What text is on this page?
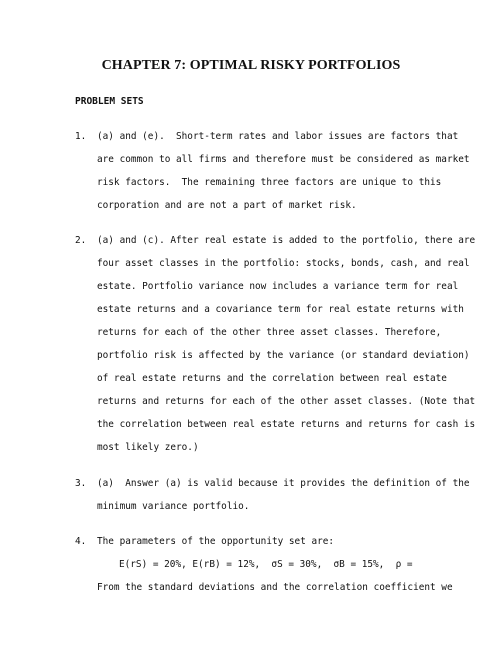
CHAPTER 7: OPTIMAL RISKY PORTFOLIOS
PROBLEM SETS
1. (a) and (e).  Short-term rates and labor issues are factors that
are common to all firms and therefore must be considered as market
risk factors.  The remaining three factors are unique to this
corporation and are not a part of market risk.
2. (a) and (c). After real estate is added to the portfolio, there are
four asset classes in the portfolio: stocks, bonds, cash, and real
estate. Portfolio variance now includes a variance term for real
estate returns and a covariance term for real estate returns with
returns for each of the other three asset classes. Therefore,
portfolio risk is affected by the variance (or standard deviation)
of real estate returns and the correlation between real estate
returns and returns for each of the other asset classes. (Note that
the correlation between real estate returns and returns for cash is
most likely zero.)
3. (a)  Answer (a) is valid because it provides the definition of the
minimum variance portfolio.
4. The parameters of the opportunity set are:
E(rS) = 20%, E(rB) = 12%, σS = 30%, σB = 15%, ρ =
From the standard deviations and the correlation coefficient we
